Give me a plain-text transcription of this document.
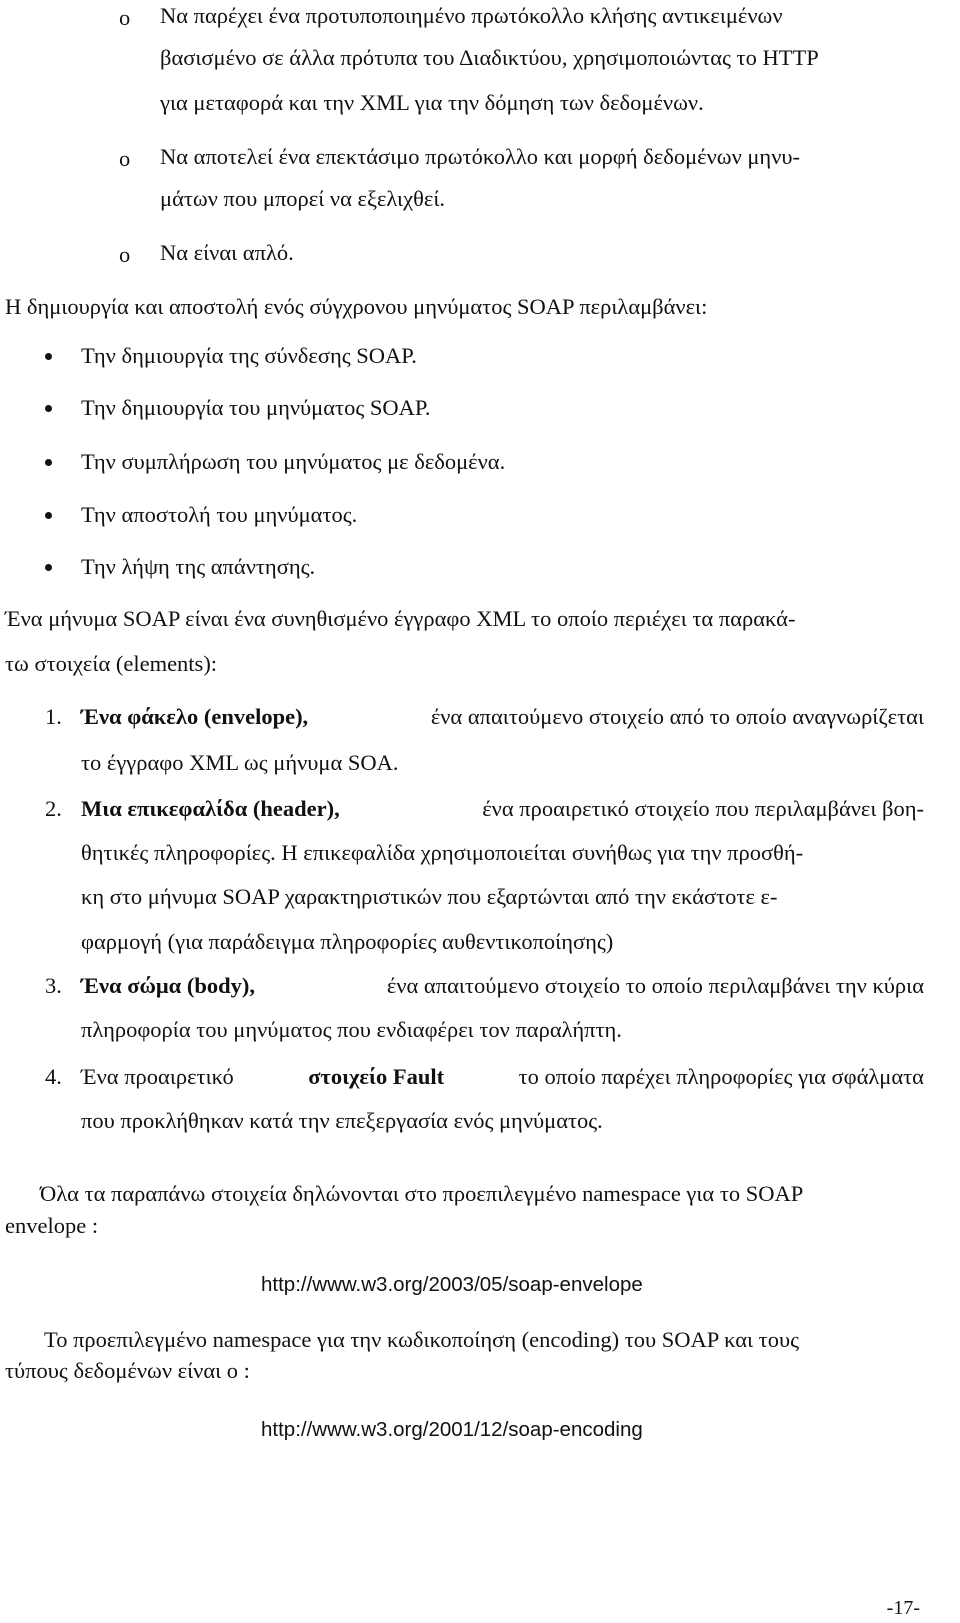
o Να παρέχει ένα προτυποποιημένο πρωτόκολλο κλήσης αντικειμένων
βασισμένο σε άλλα πρότυπα του Διαδικτύου, χρησιμοποιώντας το HTTP
για μεταφορά και την XML για την δόμηση των δεδομένων.
o Να αποτελεί ένα επεκτάσιμο πρωτόκολλο και μορφή δεδομένων μηνυ-
μάτων που μπορεί να εξελιχθεί.
o Να είναι απλό.
Η δημιουργία και αποστολή ενός σύγχρονου μηνύματος SOAP περιλαμβάνει:
Την δημιουργία της σύνδεσης SOAP.
Την δημιουργία του μηνύματος SOAP.
Την συμπλήρωση του μηνύματος με δεδομένα.
Την αποστολή του μηνύματος.
Την λήψη της απάντησης.
Ένα μήνυμα SOAP είναι ένα συνηθισμένο έγγραφο XML το οποίο περιέχει τα παρακά-
τω στοιχεία (elements):
1. Ένα φάκελο (envelope),	ένα απαιτούμενο στοιχείο από το οποίο αναγνωρίζεται
το έγγραφο XML ως μήνυμα SOA.
2. Μια επικεφαλίδα (header),	ένα προαιρετικό στοιχείο που περιλαμβάνει βοη-
θητικές πληροφορίες. Η επικεφαλίδα χρησιμοποιείται συνήθως για την προσθή-
κη στο μήνυμα SOAP χαρακτηριστικών που εξαρτώνται από την εκάστοτε ε-
φαρμογή (για παράδειγμα πληροφορίες αυθεντικοποίησης)
3. Ένα σώμα (body),	ένα απαιτούμενο στοιχείο το οποίο περιλαμβάνει την κύρια
πληροφορία του μηνύματος που ενδιαφέρει τον παραλήπτη.
4. Ένα προαιρετικό	στοιχείο Fault	το οποίο παρέχει πληροφορίες για σφάλματα
που προκλήθηκαν κατά την επεξεργασία ενός μηνύματος.
Όλα τα παραπάνω στοιχεία δηλώνονται στο προεπιλεγμένο namespace για το SOAP
envelope :
http://www.w3.org/2003/05/soap-envelope
Το προεπιλεγμένο namespace για την κωδικοποίηση (encoding) του SOAP και τους
τύπους δεδομένων είναι ο :
http://www.w3.org/2001/12/soap-encoding
-17-
